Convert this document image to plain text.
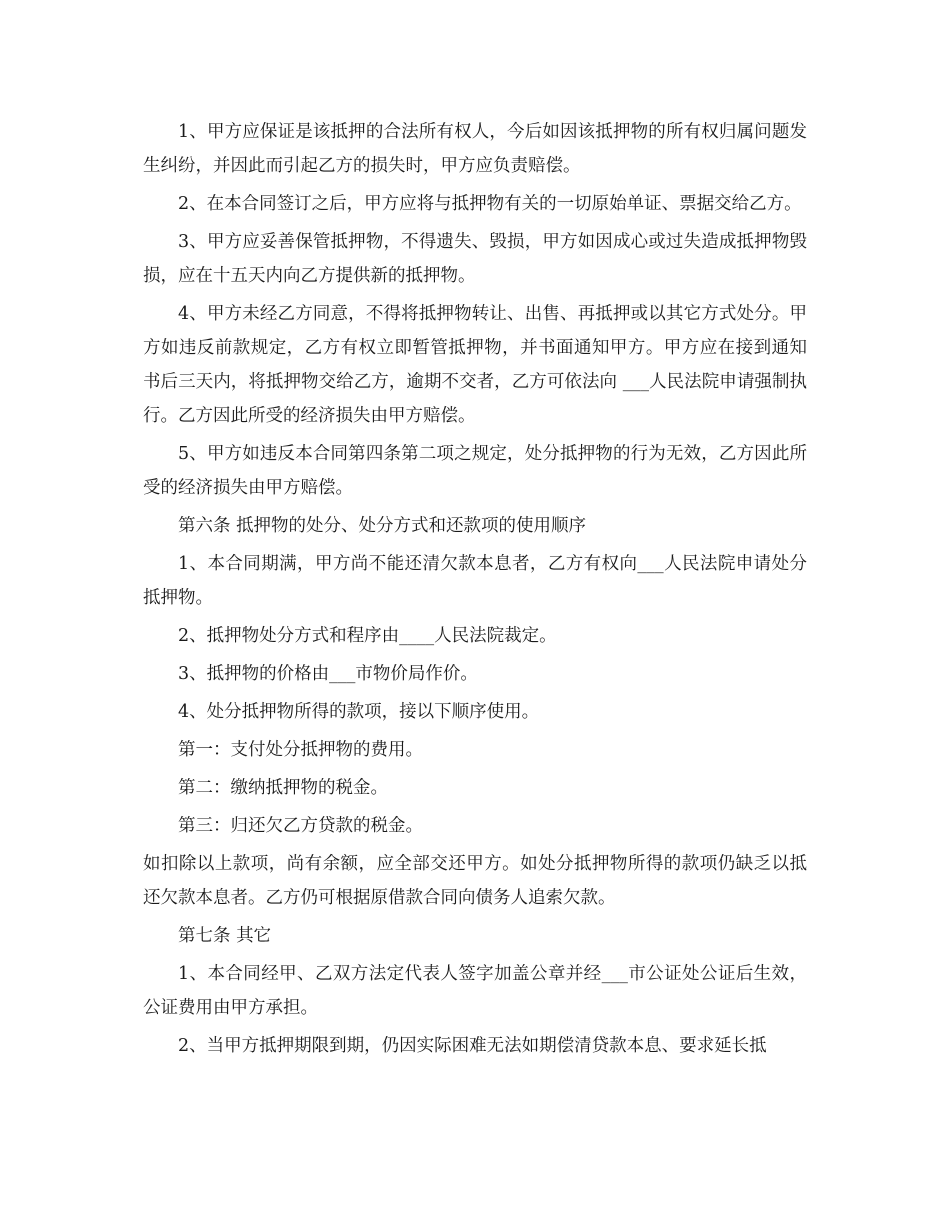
1、甲方应保证是该抵押的合法所有权人，今后如因该抵押物的所有权归属问题发生纠纷，并因此而引起乙方的损失时，甲方应负责赔偿。

2、在本合同签订之后，甲方应将与抵押物有关的一切原始单证、票据交给乙方。

3、甲方应妥善保管抵押物，不得遗失、毁损，甲方如因成心或过失造成抵押物毁损，应在十五天内向乙方提供新的抵押物。

4、甲方未经乙方同意，不得将抵押物转让、出售、再抵押或以其它方式处分。甲方如违反前款规定，乙方有权立即暂管抵押物，并书面通知甲方。甲方应在接到通知书后三天内，将抵押物交给乙方，逾期不交者，乙方可依法向 ___人民法院申请强制执行。乙方因此所受的经济损失由甲方赔偿。

5、甲方如违反本合同第四条第二项之规定，处分抵押物的行为无效，乙方因此所受的经济损失由甲方赔偿。

第六条 抵押物的处分、处分方式和还款项的使用顺序

1、本合同期满，甲方尚不能还清欠款本息者，乙方有权向___人民法院申请处分抵押物。

2、抵押物处分方式和程序由____人民法院裁定。

3、抵押物的价格由___市物价局作价。

4、处分抵押物所得的款项，接以下顺序使用。

第一：支付处分抵押物的费用。

第二：缴纳抵押物的税金。

第三：归还欠乙方贷款的税金。

如扣除以上款项，尚有余额，应全部交还甲方。如处分抵押物所得的款项仍缺乏以抵还欠款本息者。乙方仍可根据原借款合同向债务人追索欠款。

第七条 其它

1、本合同经甲、乙双方法定代表人签字加盖公章并经___市公证处公证后生效，公证费用由甲方承担。

2、当甲方抵押期限到期，仍因实际困难无法如期偿清贷款本息、要求延长抵
